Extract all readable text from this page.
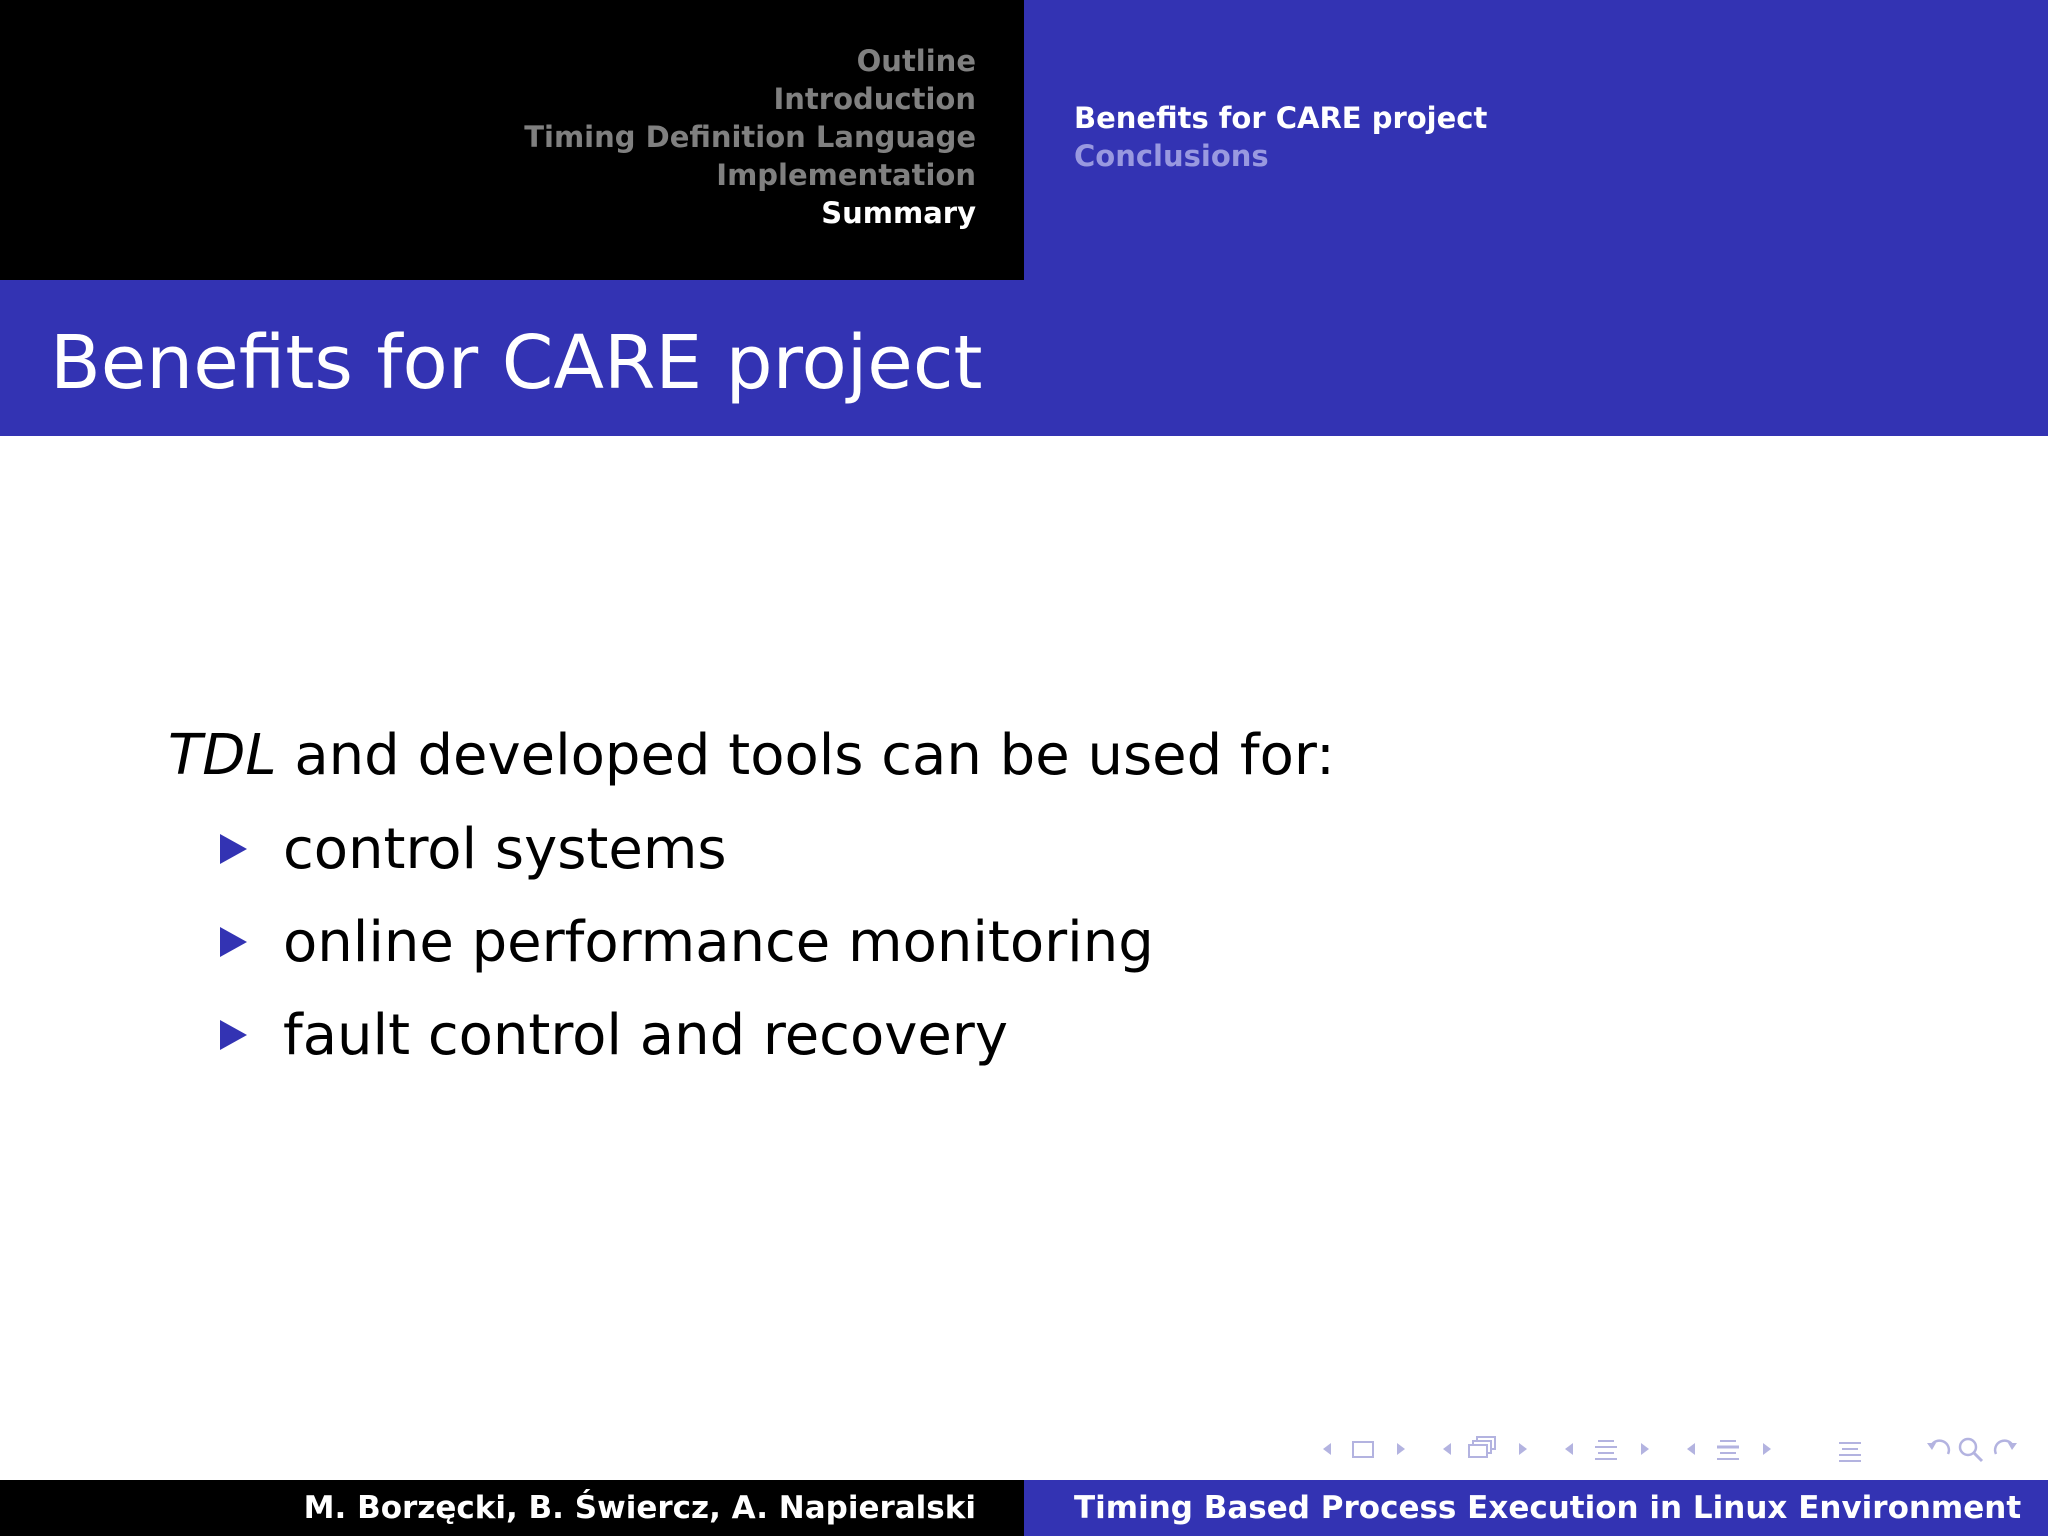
Outline
Introduction
Timing Definition Language
Implementation
Summary
Benefits for CARE project
Conclusions
Benefits for CARE project

TDL and developed tools can be used for:

control systems
online performance monitoring
fault control and recovery
M. Borzęcki, B. Świercz, A. Napieralski	Timing Based Process Execution in Linux Environment
